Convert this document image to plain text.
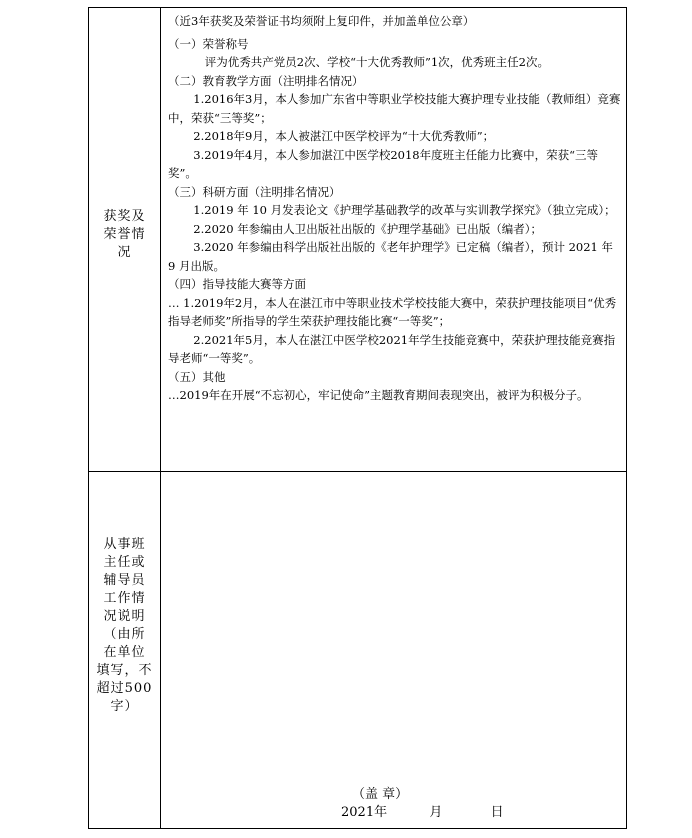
获奖及
荣誉情
况
从事班
主任或
辅导员
工作情
况说明
（由所
在单位
填写，不
超过500
字）

（近3年获奖及荣誉证书均须附上复印件，并加盖单位公章）

（一）荣誉称号

评为优秀共产党员2次、学校“十大优秀教师”1次，优秀班主任2次。

（二）教育教学方面（注明排名情况）

1.2016年3月，本人参加广东省中等职业学校技能大赛护理专业技能（教师组）竞赛中，荣获“三等奖”；

2.2018年9月，本人被湛江中医学校评为“十大优秀教师”；

3.2019年4月，本人参加湛江中医学校2018年度班主任能力比赛中，荣获“三等奖”。

（三）科研方面（注明排名情况）

1.2019 年 10 月发表论文《护理学基础教学的改革与实训教学探究》（独立完成）；

2.2020 年参编由人卫出版社出版的《护理学基础》已出版（编者）；

3.2020 年参编由科学出版社出版的《老年护理学》已定稿（编者），预计 2021 年 9 月出版。

（四）指导技能大赛等方面

… 1.2019年2月，本人在湛江市中等职业技术学校技能大赛中，荣获护理技能项目“优秀指导老师奖”所指导的学生荣获护理技能比赛“一等奖”；

2.2021年5月，本人在湛江中医学校2021年学生技能竞赛中，荣获护理技能竞赛指导老师“一等奖”。

（五）其他

…2019年在开展“不忘初心，牢记使命”主题教育期间表现突出，被评为积极分子。

（盖 章）
2021年	月	日
